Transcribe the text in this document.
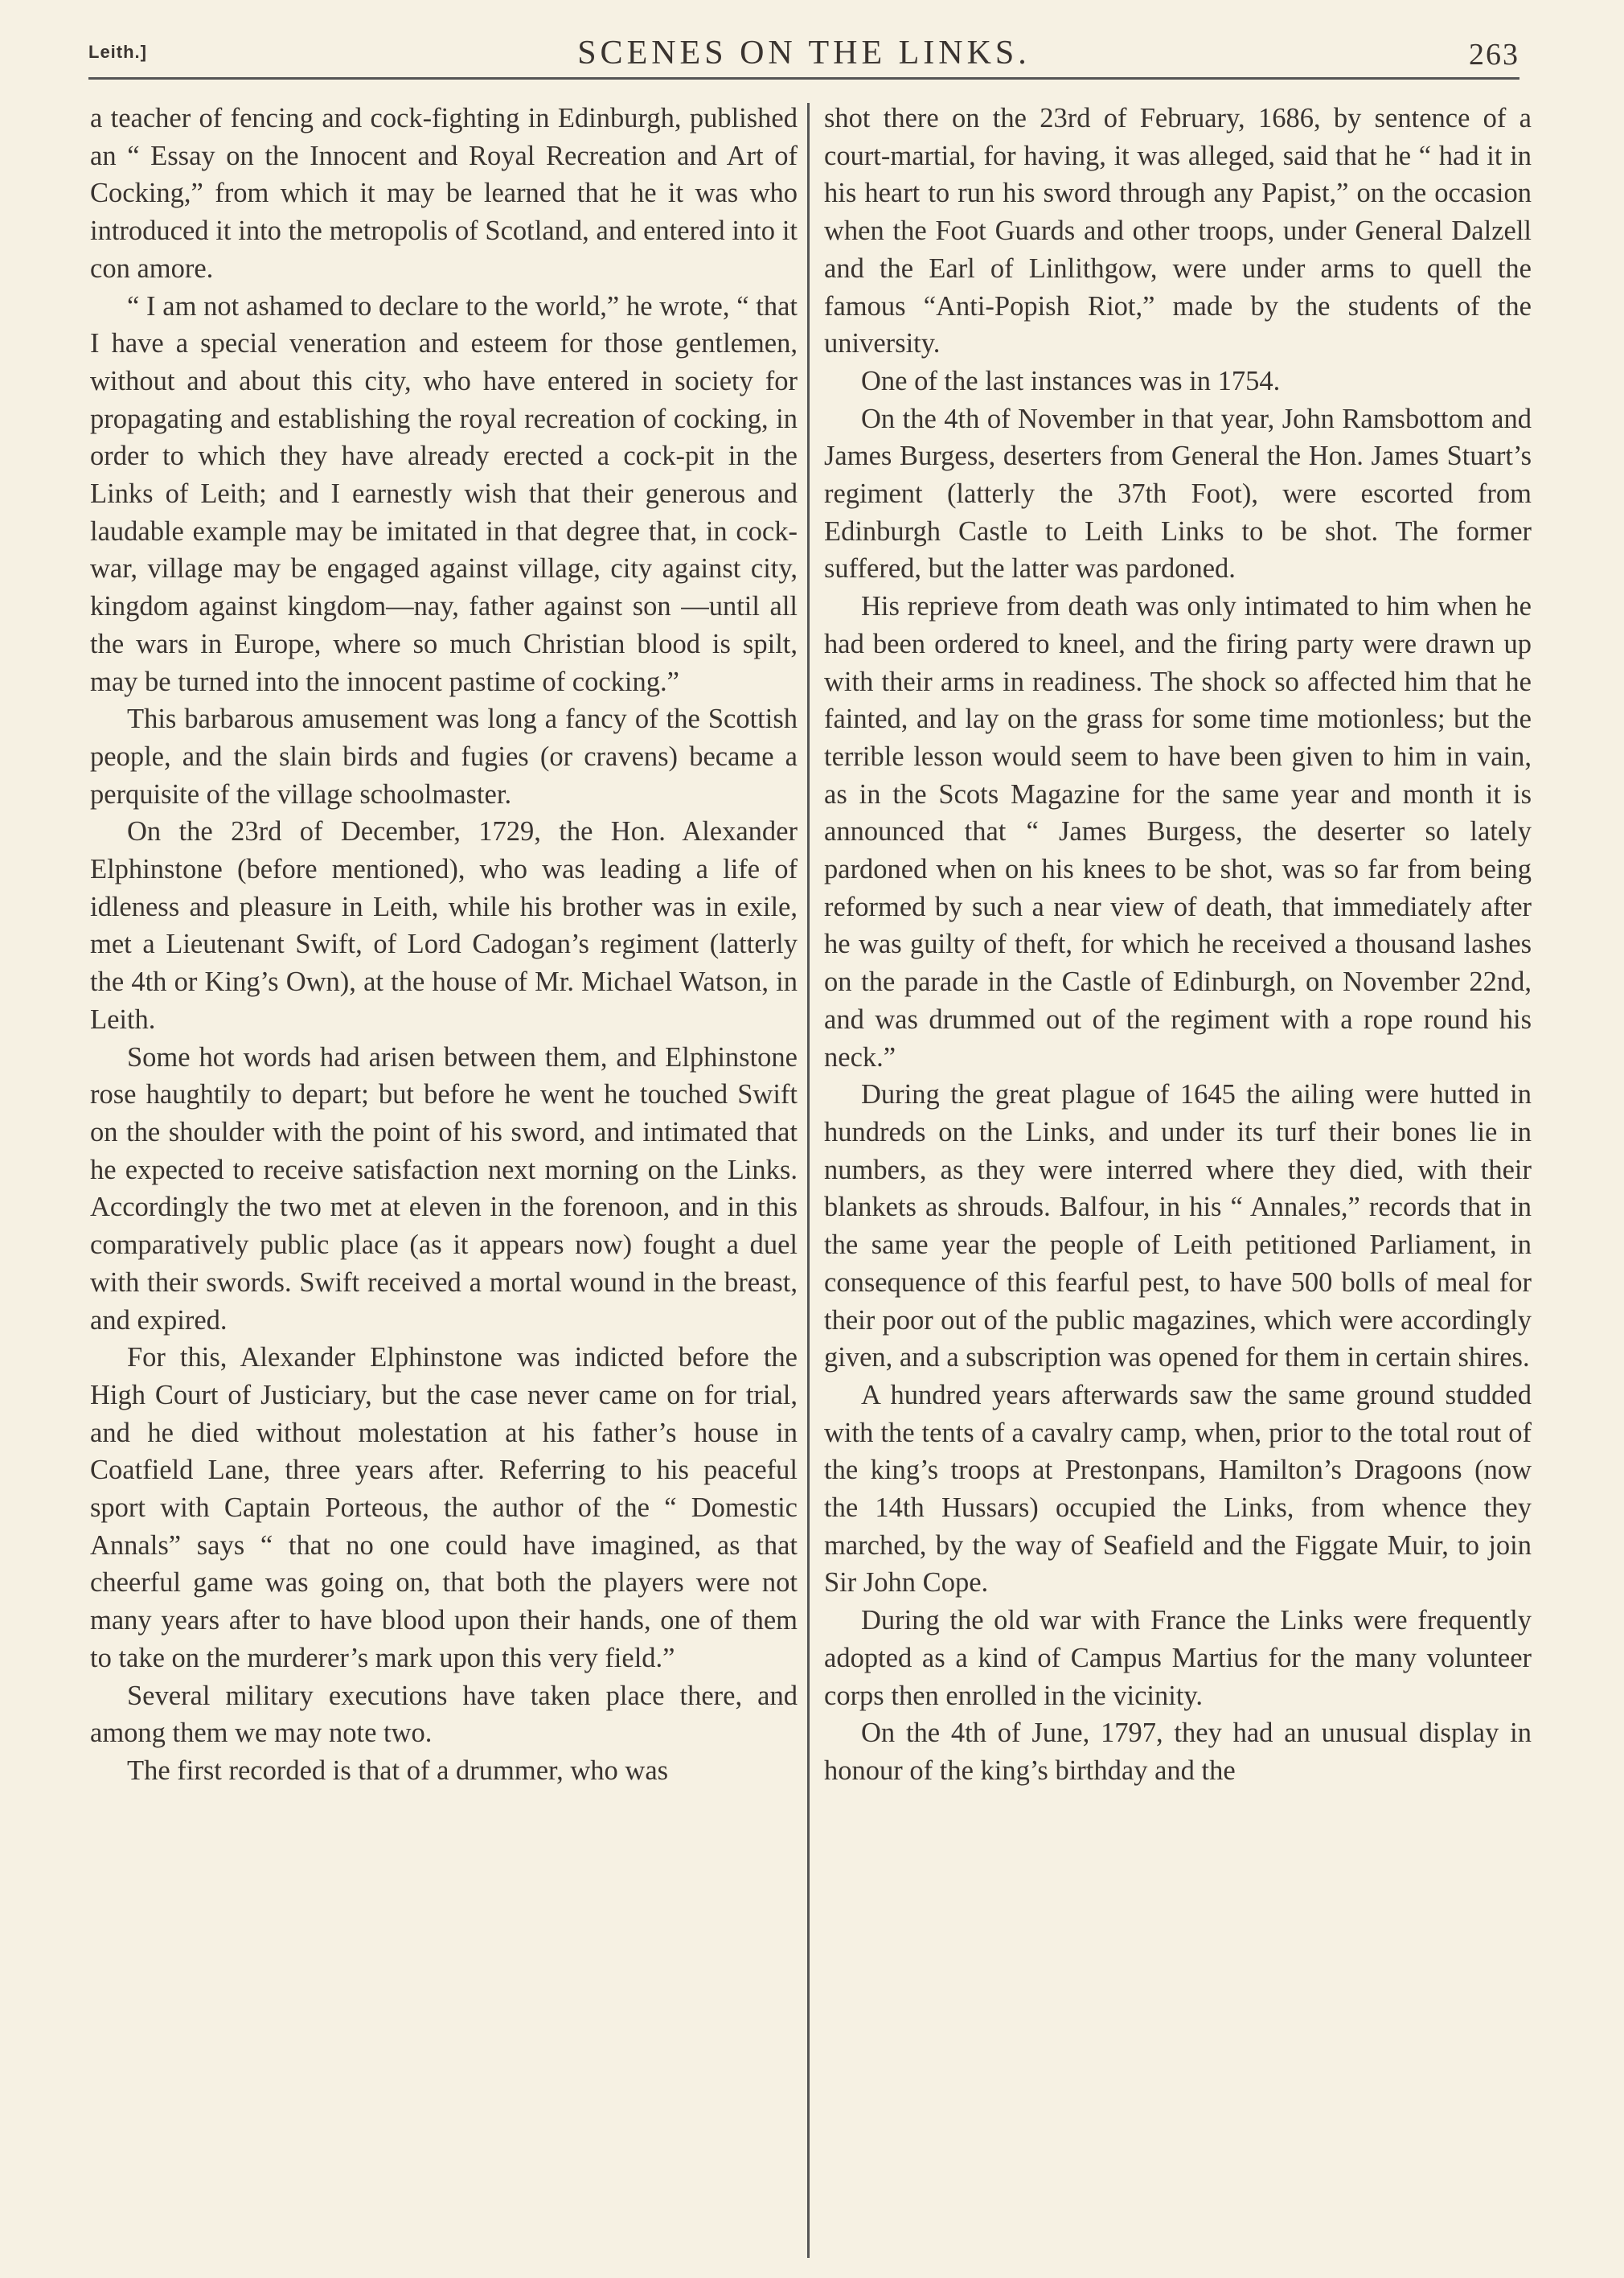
Leith.]	SCENES ON THE LINKS.	263

a teacher of fencing and cock-fighting in Edinburgh, published an “ Essay on the Innocent and Royal Recreation and Art of Cocking,” from which it may be learned that he it was who introduced it into the metropolis of Scotland, and entered into it con amore.

“ I am not ashamed to declare to the world,” he wrote, “ that I have a special veneration and esteem for those gentlemen, without and about this city, who have entered in society for propagating and establishing the royal recreation of cocking, in order to which they have already erected a cock-pit in the Links of Leith; and I earnestly wish that their generous and laudable example may be imitated in that degree that, in cock-war, village may be engaged against village, city against city, kingdom against kingdom—nay, father against son —until all the wars in Europe, where so much Christian blood is spilt, may be turned into the innocent pastime of cocking.”

This barbarous amusement was long a fancy of the Scottish people, and the slain birds and fugies (or cravens) became a perquisite of the village schoolmaster.

On the 23rd of December, 1729, the Hon. Alexander Elphinstone (before mentioned), who was leading a life of idleness and pleasure in Leith, while his brother was in exile, met a Lieutenant Swift, of Lord Cadogan’s regiment (latterly the 4th or King’s Own), at the house of Mr. Michael Watson, in Leith.

Some hot words had arisen between them, and Elphinstone rose haughtily to depart; but before he went he touched Swift on the shoulder with the point of his sword, and intimated that he expected to receive satisfaction next morning on the Links. Accordingly the two met at eleven in the forenoon, and in this comparatively public place (as it appears now) fought a duel with their swords. Swift received a mortal wound in the breast, and expired.

For this, Alexander Elphinstone was indicted before the High Court of Justiciary, but the case never came on for trial, and he died without molestation at his father’s house in Coatfield Lane, three years after. Referring to his peaceful sport with Captain Porteous, the author of the “ Domestic Annals” says “ that no one could have imagined, as that cheerful game was going on, that both the players were not many years after to have blood upon their hands, one of them to take on the murderer’s mark upon this very field.”

Several military executions have taken place there, and among them we may note two.

The first recorded is that of a drummer, who was

shot there on the 23rd of February, 1686, by sentence of a court-martial, for having, it was alleged, said that he “ had it in his heart to run his sword through any Papist,” on the occasion when the Foot Guards and other troops, under General Dalzell and the Earl of Linlithgow, were under arms to quell the famous “Anti-Popish Riot,” made by the students of the university.

One of the last instances was in 1754.

On the 4th of November in that year, John Ramsbottom and James Burgess, deserters from General the Hon. James Stuart’s regiment (latterly the 37th Foot), were escorted from Edinburgh Castle to Leith Links to be shot. The former suffered, but the latter was pardoned.

His reprieve from death was only intimated to him when he had been ordered to kneel, and the firing party were drawn up with their arms in readiness. The shock so affected him that he fainted, and lay on the grass for some time motionless; but the terrible lesson would seem to have been given to him in vain, as in the Scots Magazine for the same year and month it is announced that “ James Burgess, the deserter so lately pardoned when on his knees to be shot, was so far from being reformed by such a near view of death, that immediately after he was guilty of theft, for which he received a thousand lashes on the parade in the Castle of Edinburgh, on November 22nd, and was drummed out of the regiment with a rope round his neck.”

During the great plague of 1645 the ailing were hutted in hundreds on the Links, and under its turf their bones lie in numbers, as they were interred where they died, with their blankets as shrouds. Balfour, in his “ Annales,” records that in the same year the people of Leith petitioned Parliament, in consequence of this fearful pest, to have 500 bolls of meal for their poor out of the public magazines, which were accordingly given, and a subscription was opened for them in certain shires.

A hundred years afterwards saw the same ground studded with the tents of a cavalry camp, when, prior to the total rout of the king’s troops at Prestonpans, Hamilton’s Dragoons (now the 14th Hussars) occupied the Links, from whence they marched, by the way of Seafield and the Figgate Muir, to join Sir John Cope.

During the old war with France the Links were frequently adopted as a kind of Campus Martius for the many volunteer corps then enrolled in the vicinity.

On the 4th of June, 1797, they had an unusual display in honour of the king’s birthday and the
